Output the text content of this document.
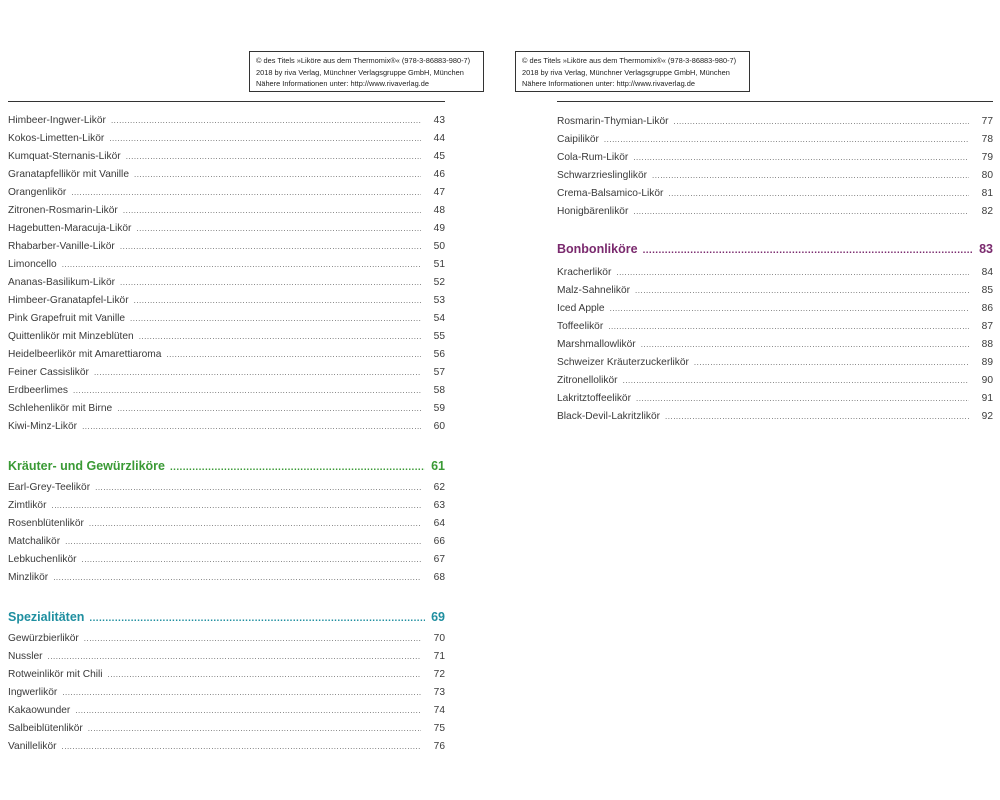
© des Titels »Liköre aus dem Thermomix®« (978-3-86883-980-7)
2018 by riva Verlag, Münchner Verlagsgruppe GmbH, München
Nähere Informationen unter: http://www.rivaverlag.de
© des Titels »Liköre aus dem Thermomix®« (978-3-86883-980-7)
2018 by riva Verlag, Münchner Verlagsgruppe GmbH, München
Nähere Informationen unter: http://www.rivaverlag.de
Himbeer-Ingwer-Likör .....	43
Kokos-Limetten-Likör .....	44
Kumquat-Sternanis-Likör .....	45
Granatapfellikör mit Vanille .....	46
Orangenlikör .....	47
Zitronen-Rosmarin-Likör .....	48
Hagebutten-Maracuja-Likör .....	49
Rhabarber-Vanille-Likör .....	50
Limoncello .....	51
Ananas-Basilikum-Likör .....	52
Himbeer-Granatapfel-Likör .....	53
Pink Grapefruit mit Vanille .....	54
Quittenlikör mit Minzeblüten .....	55
Heidelbeerlikör mit Amarettiaroma .....	56
Feiner Cassislikör .....	57
Erdbeerlimes .....	58
Schlehenlikör mit Birne .....	59
Kiwi-Minz-Likör .....	60
Kräuter- und Gewürzliköre .....	61
Earl-Grey-Teelikör .....	62
Zimtlikör .....	63
Rosenblütenlikör .....	64
Matchalikör .....	66
Lebkuchenlikör .....	67
Minzlikör .....	68
Spezialitäten .....	69
Gewürzbierlikör .....	70
Nussler .....	71
Rotweinlikör mit Chili .....	72
Ingwerlikör .....	73
Kakaowunder .....	74
Salbeiblütenlikör .....	75
Vanillelikör .....	76
Rosmarin-Thymian-Likör .....	77
Caipilikör .....	78
Cola-Rum-Likör .....	79
Schwarzrieslinglikör .....	80
Crema-Balsamico-Likör .....	81
Honigbärenlikör .....	82
Bonbonliköre .....	83
Kracherlikör .....	84
Malz-Sahnelikör .....	85
Iced Apple .....	86
Toffeelikör .....	87
Marshmallowlikör .....	88
Schweizer Kräuterzuckerlikör .....	89
Zitronellolikör .....	90
Lakritztoffeelikör .....	91
Black-Devil-Lakritzlikör .....	92
